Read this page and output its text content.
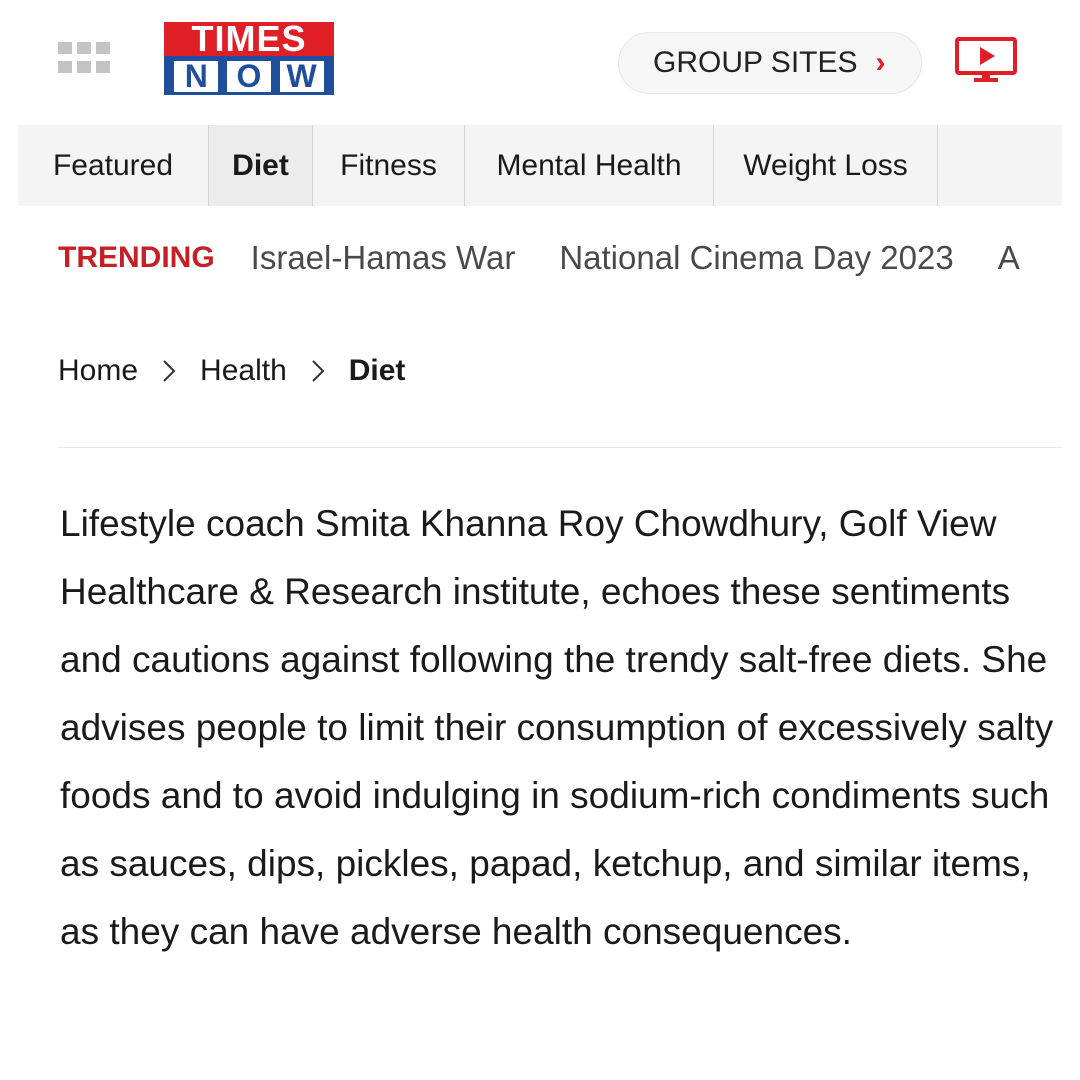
TIMES
N O W	GROUP SITES ›
Featured	Diet	Fitness	Mental Health	Weight Loss
TRENDING Israel-Hamas War National Cinema Day 2023 A
Home Health Diet

Lifestyle coach Smita Khanna Roy Chowdhury, Golf View Healthcare & Research institute, echoes these sentiments and cautions against following the trendy salt-free diets. She advises people to limit their consumption of excessively salty foods and to avoid indulging in sodium-rich condiments such as sauces, dips, pickles, papad, ketchup, and similar items, as they can have adverse health consequences.
